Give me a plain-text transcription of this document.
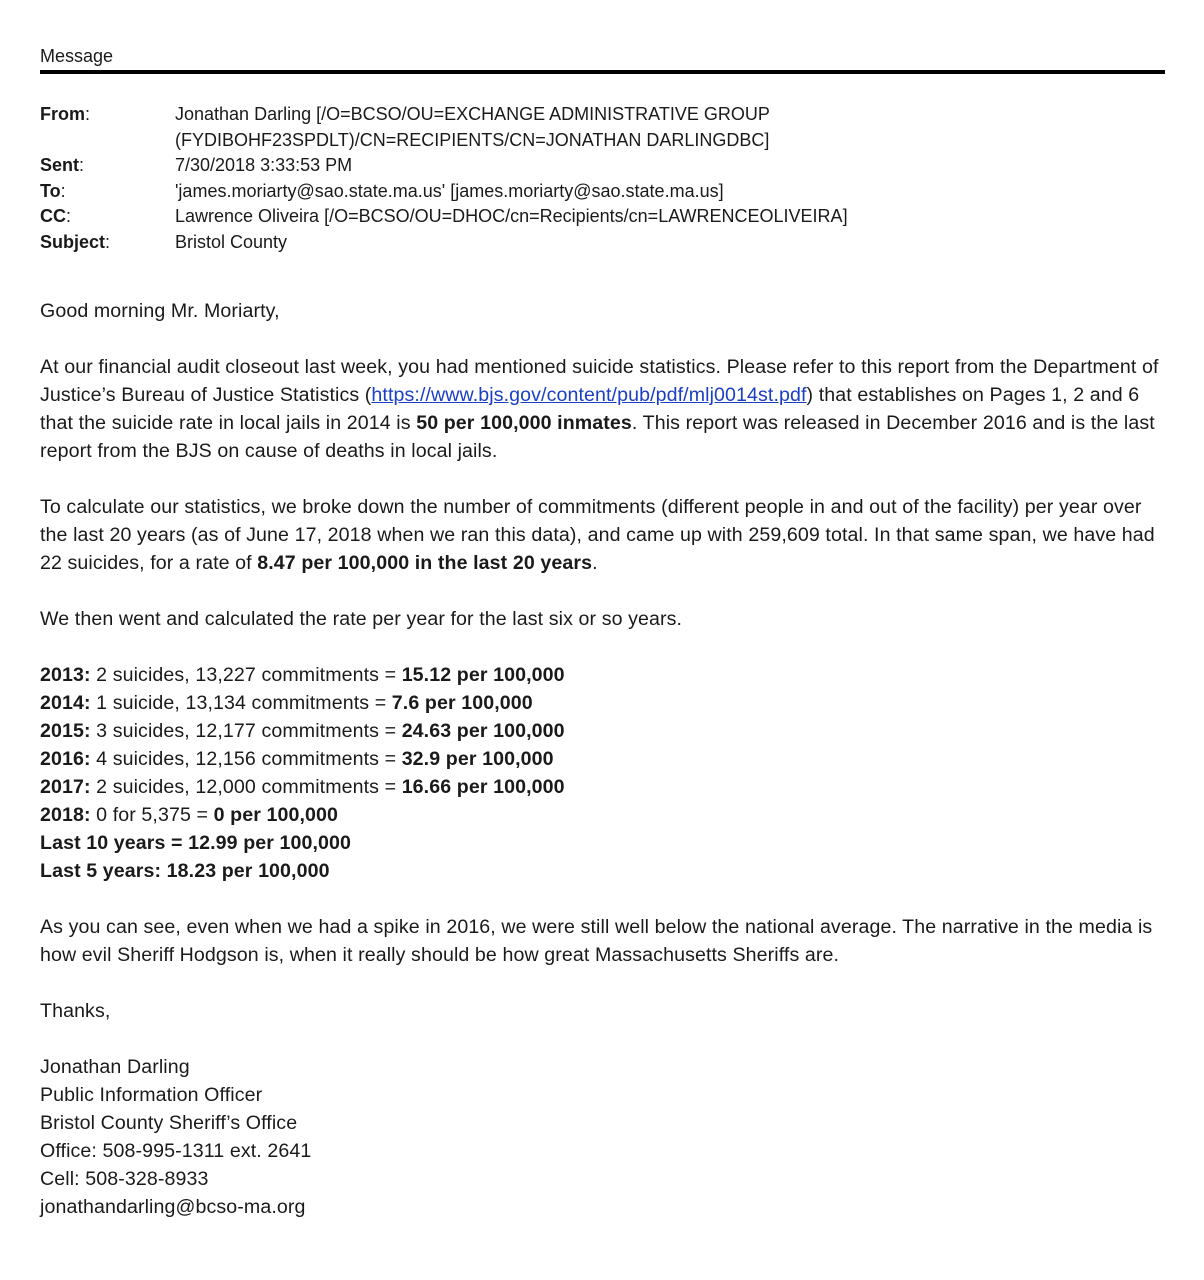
Message

From:	Jonathan Darling [/O=BCSO/OU=EXCHANGE ADMINISTRATIVE GROUP
(FYDIBOHF23SPDLT)/CN=RECIPIENTS/CN=JONATHAN DARLINGDBC]
Sent:	7/30/2018 3:33:53 PM
To:	'james.moriarty@sao.state.ma.us' [james.moriarty@sao.state.ma.us]
CC:	Lawrence Oliveira [/O=BCSO/OU=DHOC/cn=Recipients/cn=LAWRENCEOLIVEIRA]
Subject:	Bristol County

Good morning Mr. Moriarty,

At our financial audit closeout last week, you had mentioned suicide statistics. Please refer to this report from the Department of Justice’s Bureau of Justice Statistics (https://www.bjs.gov/content/pub/pdf/mlj0014st.pdf) that establishes on Pages 1, 2 and 6 that the suicide rate in local jails in 2014 is 50 per 100,000 inmates. This report was released in December 2016 and is the last report from the BJS on cause of deaths in local jails.

To calculate our statistics, we broke down the number of commitments (different people in and out of the facility) per year over the last 20 years (as of June 17, 2018 when we ran this data), and came up with 259,609 total. In that same span, we have had 22 suicides, for a rate of 8.47 per 100,000 in the last 20 years.

We then went and calculated the rate per year for the last six or so years.

2013: 2 suicides, 13,227 commitments = 15.12 per 100,000

2014: 1 suicide, 13,134 commitments = 7.6 per 100,000

2015: 3 suicides, 12,177 commitments = 24.63 per 100,000

2016: 4 suicides, 12,156 commitments = 32.9 per 100,000

2017: 2 suicides, 12,000 commitments = 16.66 per 100,000

2018: 0 for 5,375 = 0 per 100,000

Last 10 years = 12.99 per 100,000

Last 5 years: 18.23 per 100,000

As you can see, even when we had a spike in 2016, we were still well below the national average. The narrative in the media is how evil Sheriff Hodgson is, when it really should be how great Massachusetts Sheriffs are.

Thanks,

Jonathan Darling

Public Information Officer

Bristol County Sheriff’s Office

Office: 508-995-1311 ext. 2641

Cell: 508-328-8933

jonathandarling@bcso-ma.org
